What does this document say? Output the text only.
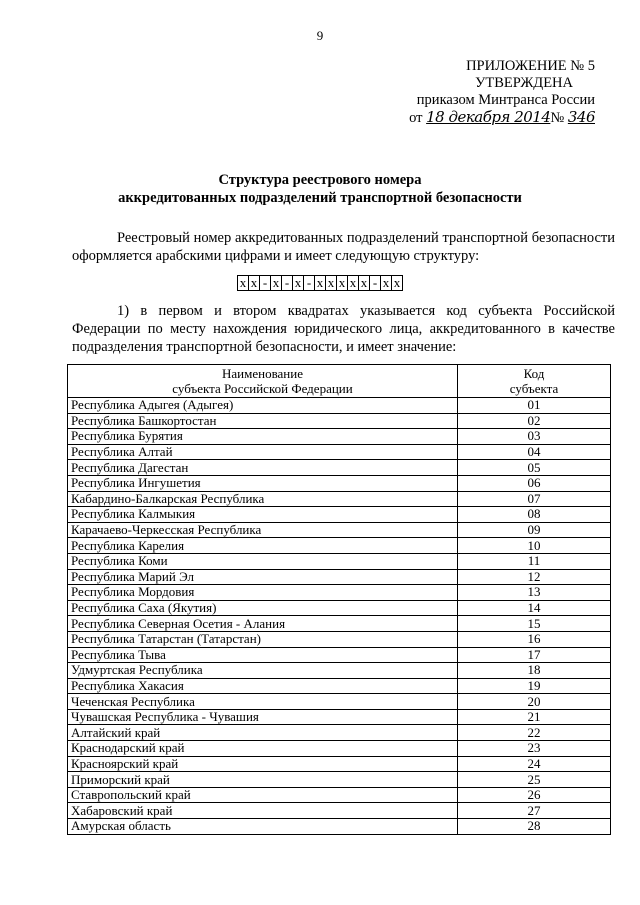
9
ПРИЛОЖЕНИЕ № 5
УТВЕРЖДЕНА
приказом Минтранса России
от 18 декабря 2014№ 346
Структура реестрового номера
аккредитованных подразделений транспортной безопасности
Реестровый номер аккредитованных подразделений транспортной безопасности оформляется арабскими цифрами и имеет следующую структуру:
x x - x - x - x x x x x - x x
1) в первом и втором квадратах указывается код субъекта Российской Федерации по месту нахождения юридического лица, аккредитованного в качестве подразделения транспортной безопасности, и имеет значение:
Наименование
субъекта Российской Федерации	Код
субъекта
Республика Адыгея (Адыгея)	01
Республика Башкортостан	02
Республика Бурятия	03
Республика Алтай	04
Республика Дагестан	05
Республика Ингушетия	06
Кабардино-Балкарская Республика	07
Республика Калмыкия	08
Карачаево-Черкесская Республика	09
Республика Карелия	10
Республика Коми	11
Республика Марий Эл	12
Республика Мордовия	13
Республика Саха (Якутия)	14
Республика Северная Осетия - Алания	15
Республика Татарстан (Татарстан)	16
Республика Тыва	17
Удмуртская Республика	18
Республика Хакасия	19
Чеченская Республика	20
Чувашская Республика - Чувашия	21
Алтайский край	22
Краснодарский край	23
Красноярский край	24
Приморский край	25
Ставропольский край	26
Хабаровский край	27
Амурская область	28
